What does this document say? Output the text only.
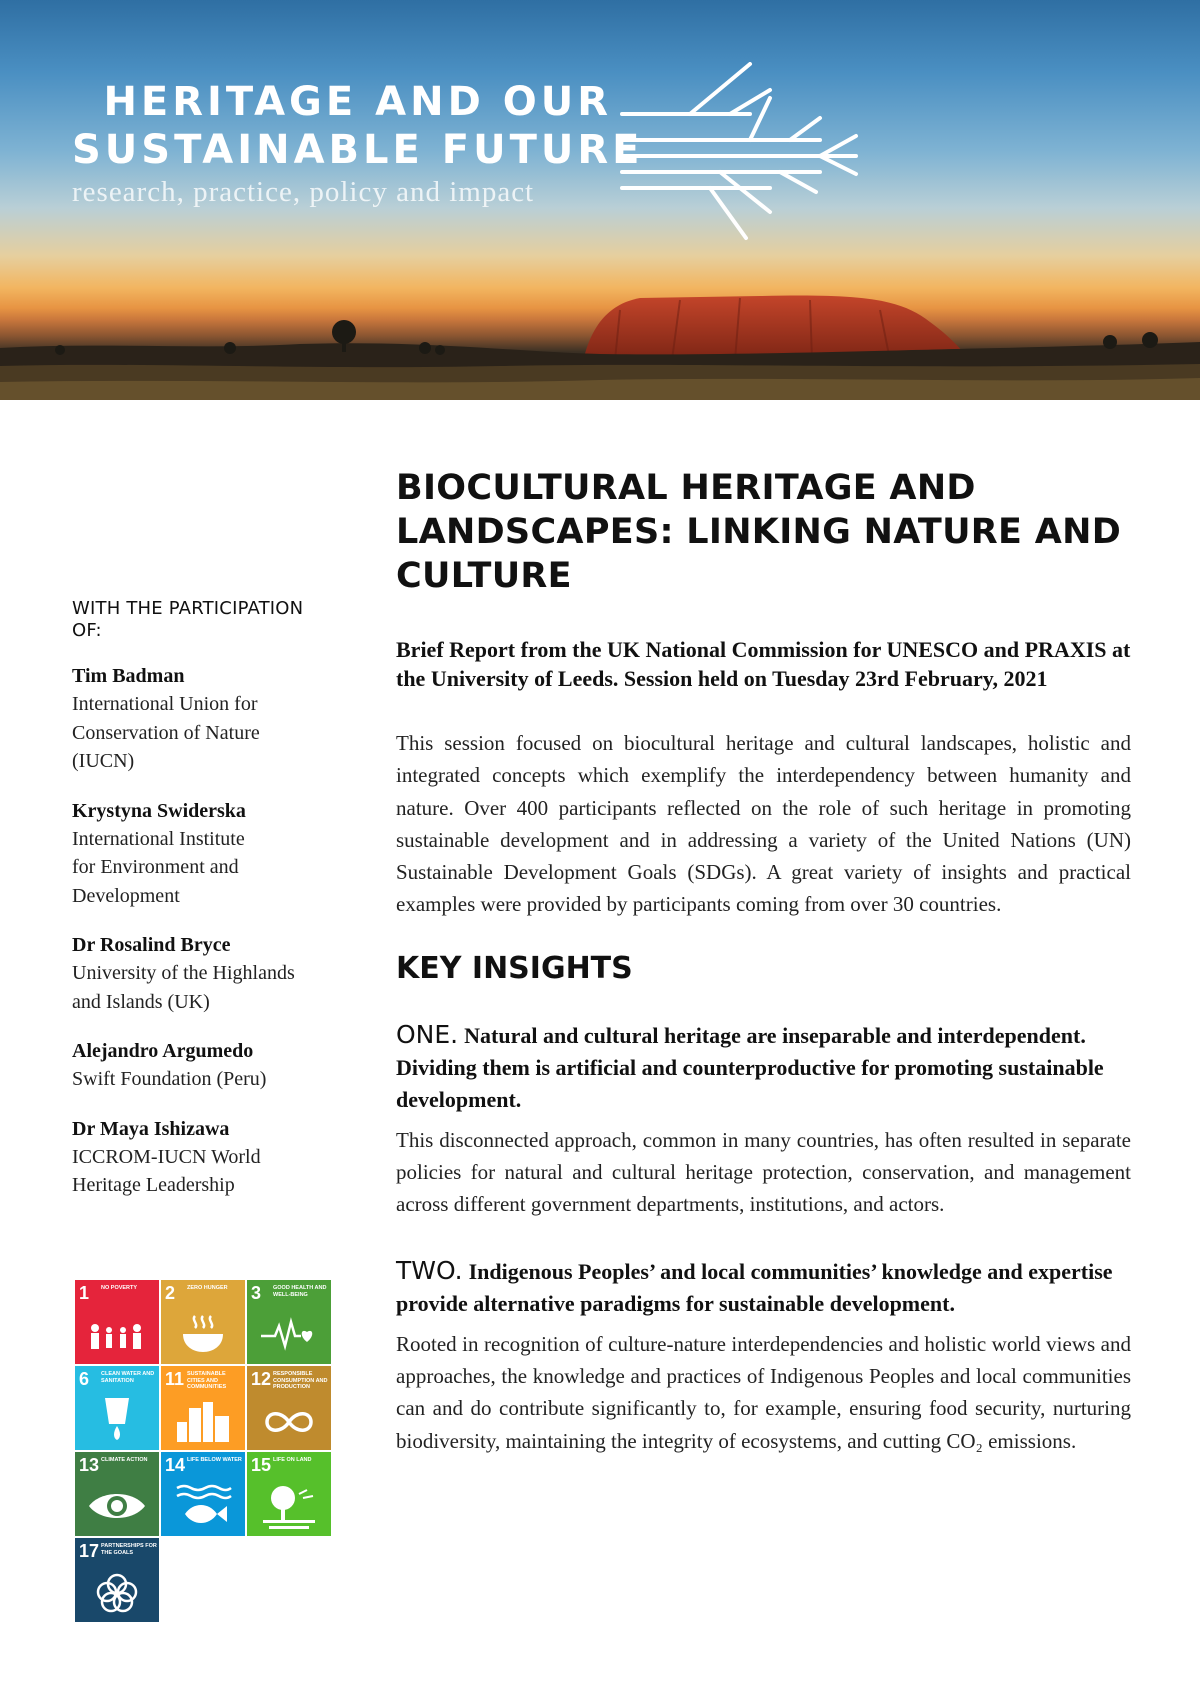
HERITAGE AND OUR
SUSTAINABLE FUTURE
research, practice, policy and impact
WITH THE PARTICIPATION OF:
Tim Badman
International Union for
Conservation of Nature
(IUCN)
Krystyna Swiderska
International Institute
for Environment and
Development
Dr Rosalind Bryce
University of the Highlands
and Islands (UK)
Alejandro Argumedo
Swift Foundation (Peru)
Dr Maya Ishizawa
ICCROM-IUCN World
Heritage Leadership
1 NO POVERTY	2 ZERO HUNGER	3 GOOD HEALTH AND WELL-BEING
6 CLEAN WATER AND SANITATION	11 SUSTAINABLE CITIES AND COMMUNITIES	12 RESPONSIBLE CONSUMPTION AND PRODUCTION
13 CLIMATE ACTION 14 LIFE BELOW WATER 15 LIFE ON LAND
17 PARTNERSHIPS FOR THE GOALS
BIOCULTURAL HERITAGE AND
LANDSCAPES: LINKING NATURE AND
CULTURE

Brief Report from the UK National Commission for UNESCO and PRAXIS at the University of Leeds. Session held on Tuesday 23rd February, 2021

This session focused on biocultural heritage and cultural landscapes, holistic and integrated concepts which exemplify the interdependency between humanity and nature. Over 400 participants reflected on the role of such heritage in promoting sustainable development and in addressing a variety of the United Nations (UN) Sustainable Development Goals (SDGs). A great variety of insights and practical examples were provided by participants coming from over 30 countries.

KEY INSIGHTS

ONE. Natural and cultural heritage are inseparable and interdependent. Dividing them is artificial and counterproductive for promoting sustainable development.

This disconnected approach, common in many countries, has often resulted in separate policies for natural and cultural heritage protection, conservation, and management across different government departments, institutions, and actors.

TWO. Indigenous Peoples’ and local communities’ knowledge and expertise provide alternative paradigms for sustainable development.

Rooted in recognition of culture-nature interdependencies and holistic world views and approaches, the knowledge and practices of Indigenous Peoples and local communities can and do contribute significantly to, for example, ensuring food security, nurturing biodiversity, maintaining the integrity of ecosystems, and cutting CO₂ emissions.
